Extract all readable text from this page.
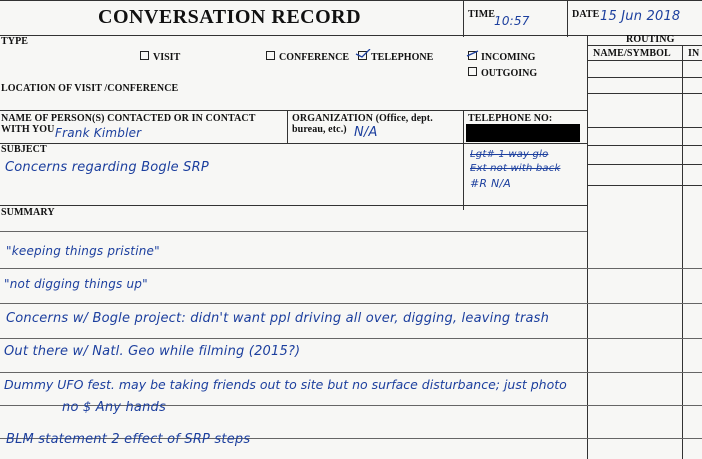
CONVERSATION RECORD	TIME
10:57	DATE 15 Jun 2018
TYPE
VISIT	CONFERENCE	TELEPHONE	INCOMING
OUTGOING
LOCATION OF VISIT /CONFERENCE
ROUTING
NAME/SYMBOL IN
NAME OF PERSON(S) CONTACTED OR IN CONTACT
WITH YOU Frank Kimbler
ORGANIZATION (Office, dept.
bureau, etc.) N/A
TELEPHONE NO:
SUBJECT
Concerns regarding Bogle SRP
Lgt# 1 way glo
Ext not with back
#R N/A
SUMMARY
"keeping things pristine"
"not digging things up"
Concerns w/ Bogle project: didn't want ppl driving all over, digging, leaving trash
Out there w/ Natl. Geo while filming (2015?)
Dummy UFO fest. may be taking friends out to site but no surface disturbance; just photo
no $ Any hands
BLM statement 2 effect of SRP steps
